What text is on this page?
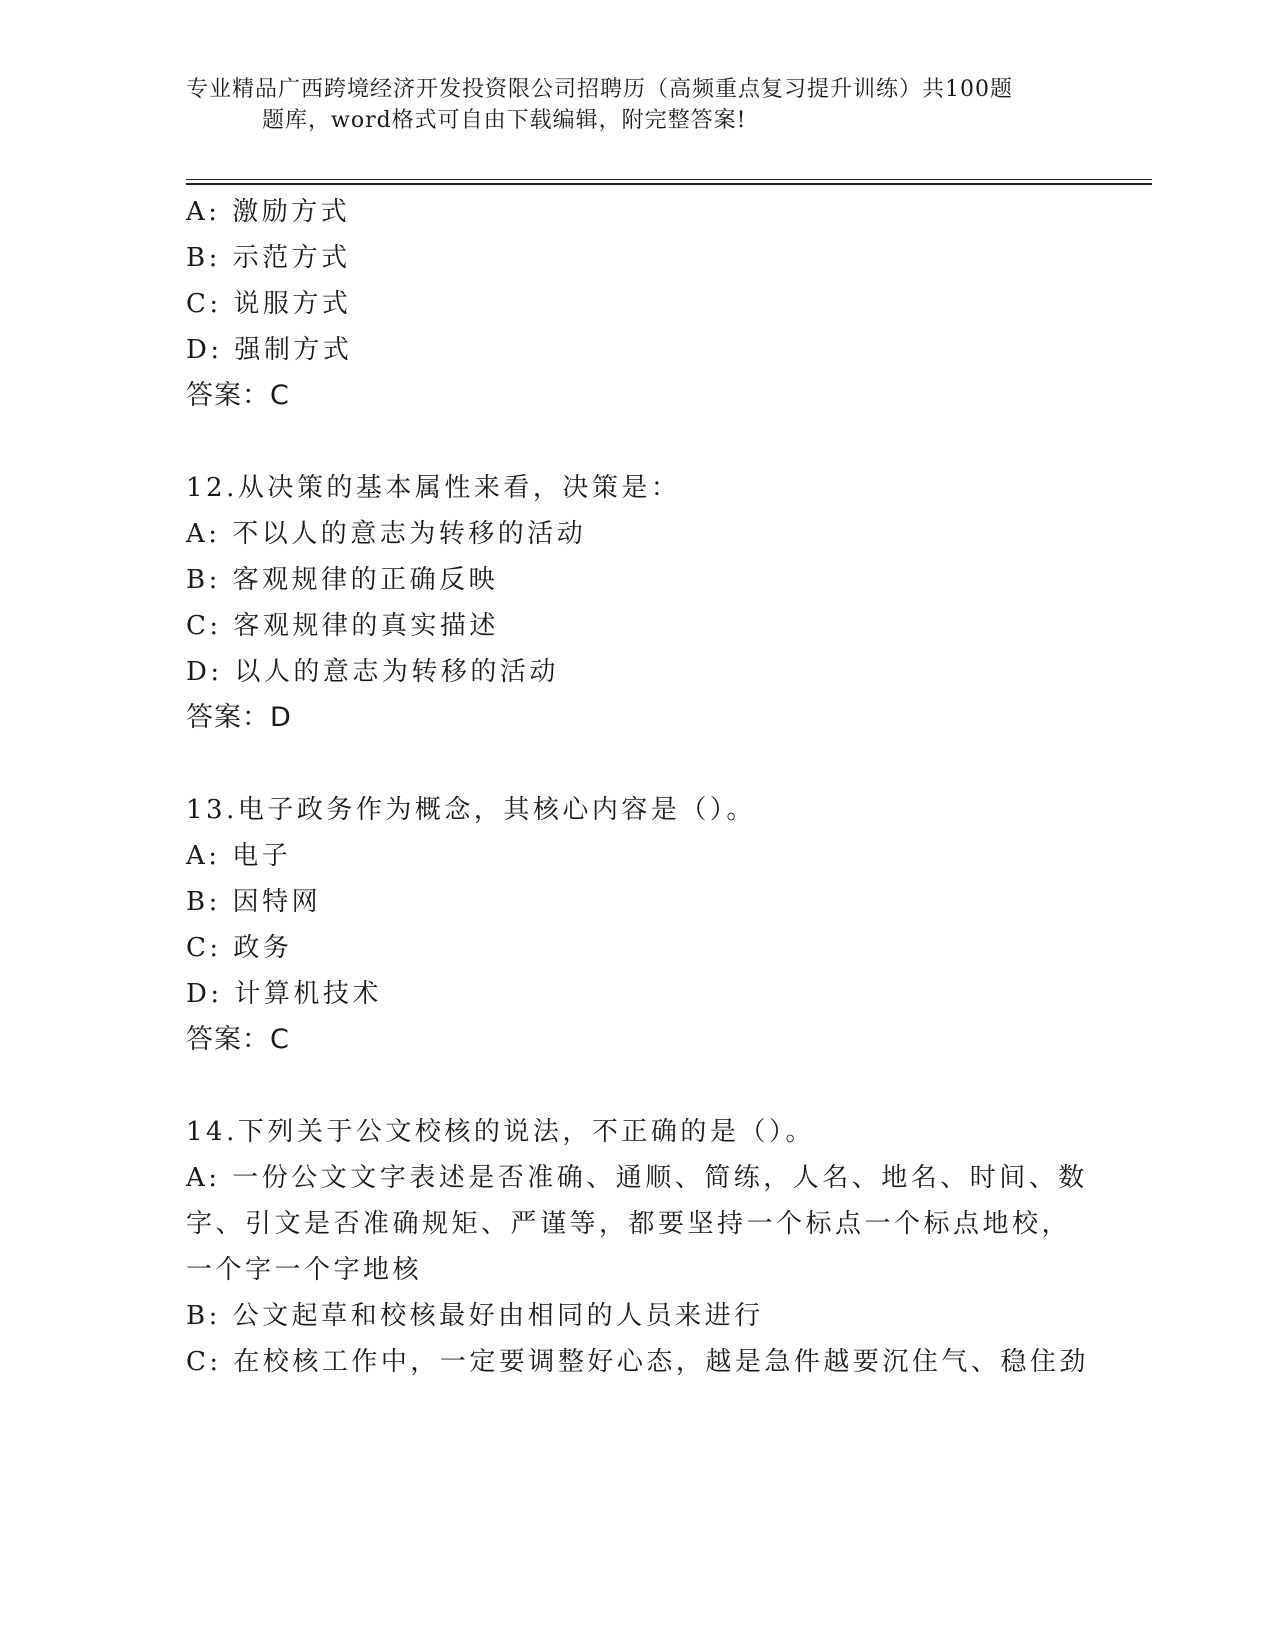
专业精品广西跨境经济开发投资限公司招聘历（高频重点复习提升训练）共100题
题库，word格式可自由下载编辑，附完整答案!
A: 激励方式
B: 示范方式
C: 说服方式
D: 强制方式
答案：C
12.从决策的基本属性来看，决策是：
A: 不以人的意志为转移的活动
B: 客观规律的正确反映
C: 客观规律的真实描述
D: 以人的意志为转移的活动
答案：D
13.电子政务作为概念，其核心内容是（）。
A: 电子
B: 因特网
C: 政务
D: 计算机技术
答案：C
14.下列关于公文校核的说法，不正确的是（）。
A: 一份公文文字表述是否准确、通顺、简练，人名、地名、时间、数
字、引文是否准确规矩、严谨等，都要坚持一个标点一个标点地校，
一个字一个字地核
B: 公文起草和校核最好由相同的人员来进行
C: 在校核工作中，一定要调整好心态，越是急件越要沉住气、稳住劲
